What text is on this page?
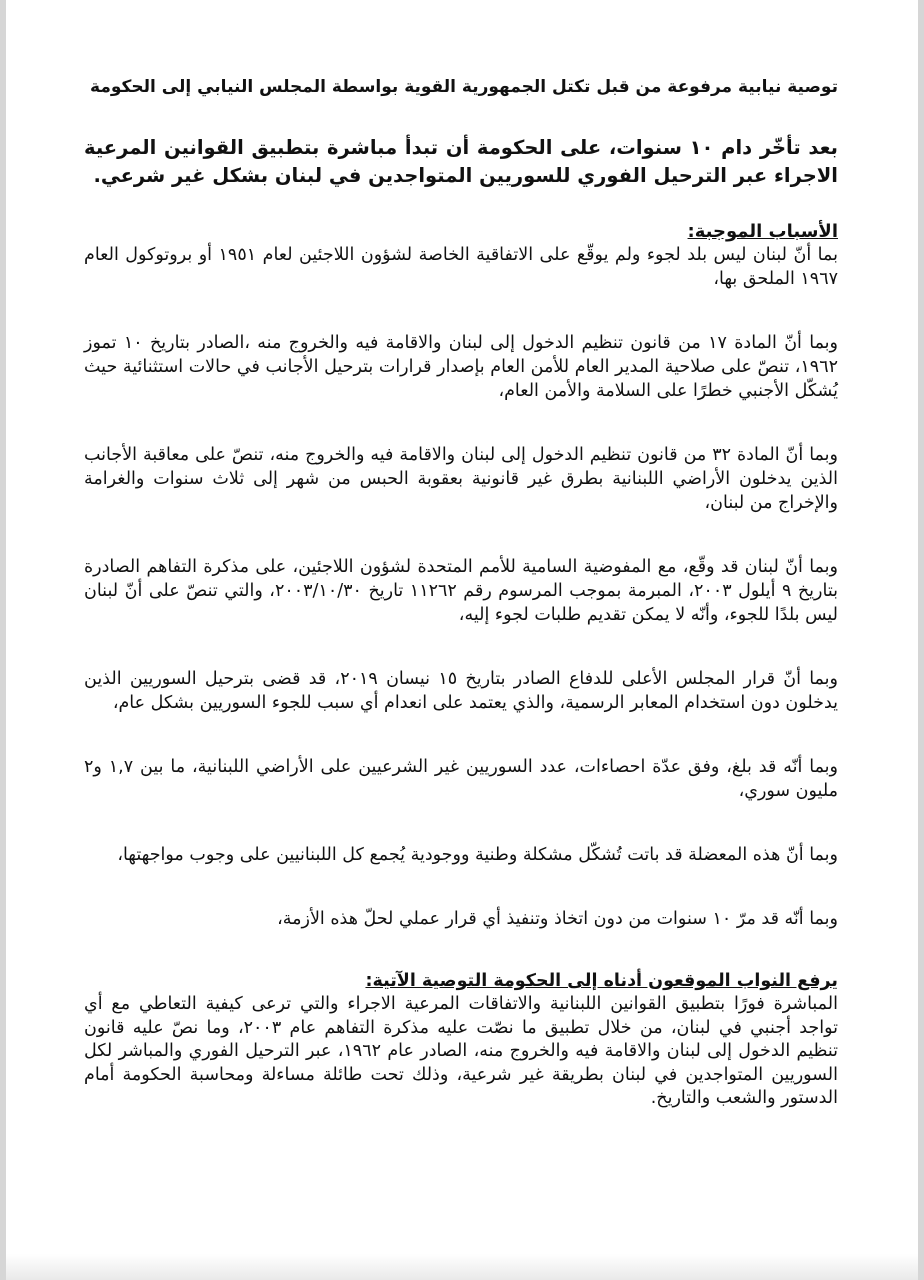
توصية نيابية مرفوعة من قبل تكتل الجمهورية القوية بواسطة المجلس النيابي إلى الحكومة

بعد تأخّر دام ١٠ سنوات، على الحكومة أن تبدأ مباشرة بتطبيق القوانين المرعية الاجراء عبر الترحيل الفوري للسوريين المتواجدين في لبنان بشكل غير شرعي.

الأسباب الموجبة:

بما أنّ لبنان ليس بلد لجوء ولم يوقّع على الاتفاقية الخاصة لشؤون اللاجئين لعام ١٩٥١ أو بروتوكول العام ١٩٦٧ الملحق بها،

وبما أنّ المادة ١٧ من قانون تنظيم الدخول إلى لبنان والاقامة فيه والخروج منه ،الصادر بتاريخ ١٠ تموز ١٩٦٢، تنصّ على صلاحية المدير العام للأمن العام بإصدار قرارات بترحيل الأجانب في حالات استثنائية حيث يُشكّل الأجنبي خطرًا على السلامة والأمن العام،

وبما أنّ المادة ٣٢ من قانون تنظيم الدخول إلى لبنان والاقامة فيه والخروج منه، تنصّ على معاقبة الأجانب الذين يدخلون الأراضي اللبنانية بطرق غير قانونية بعقوبة الحبس من شهر إلى ثلاث سنوات والغرامة والإخراج من لبنان،

وبما أنّ لبنان قد وقّع، مع المفوضية السامية للأمم المتحدة لشؤون اللاجئين، على مذكرة التفاهم الصادرة بتاريخ ٩ أيلول ٢٠٠٣، المبرمة بموجب المرسوم رقم ١١٢٦٢ تاريخ ٢٠٠٣/١٠/٣٠، والتي تنصّ على أنّ لبنان ليس بلدًا للجوء، وأنّه لا يمكن تقديم طلبات لجوء إليه،

وبما أنّ قرار المجلس الأعلى للدفاع الصادر بتاريخ ١٥ نيسان ٢٠١٩، قد قضى بترحيل السوريين الذين يدخلون دون استخدام المعابر الرسمية، والذي يعتمد على انعدام أي سبب للجوء السوريين بشكل عام،

وبما أنّه قد بلغ، وفق عدّة احصاءات، عدد السوريين غير الشرعيين على الأراضي اللبنانية، ما بين ١,٧ و٢ مليون سوري،

وبما أنّ هذه المعضلة قد باتت تُشكّل مشكلة وطنية ووجودية يُجمع كل اللبنانيين على وجوب مواجهتها،

وبما أنّه قد مرّ ١٠ سنوات من دون اتخاذ وتنفيذ أي قرار عملي لحلّ هذه الأزمة،

يرفع النواب الموقعون أدناه إلى الحكومة التوصية الآتية:

المباشرة فورًا بتطبيق القوانين اللبنانية والاتفاقات المرعية الاجراء والتي ترعى كيفية التعاطي مع أي تواجد أجنبي في لبنان، من خلال تطبيق ما نصّت عليه مذكرة التفاهم عام ٢٠٠٣، وما نصّ عليه قانون تنظيم الدخول إلى لبنان والاقامة فيه والخروج منه، الصادر عام ١٩٦٢، عبر الترحيل الفوري والمباشر لكل السوريين المتواجدين في لبنان بطريقة غير شرعية، وذلك تحت طائلة مساءلة ومحاسبة الحكومة أمام الدستور والشعب والتاريخ.
